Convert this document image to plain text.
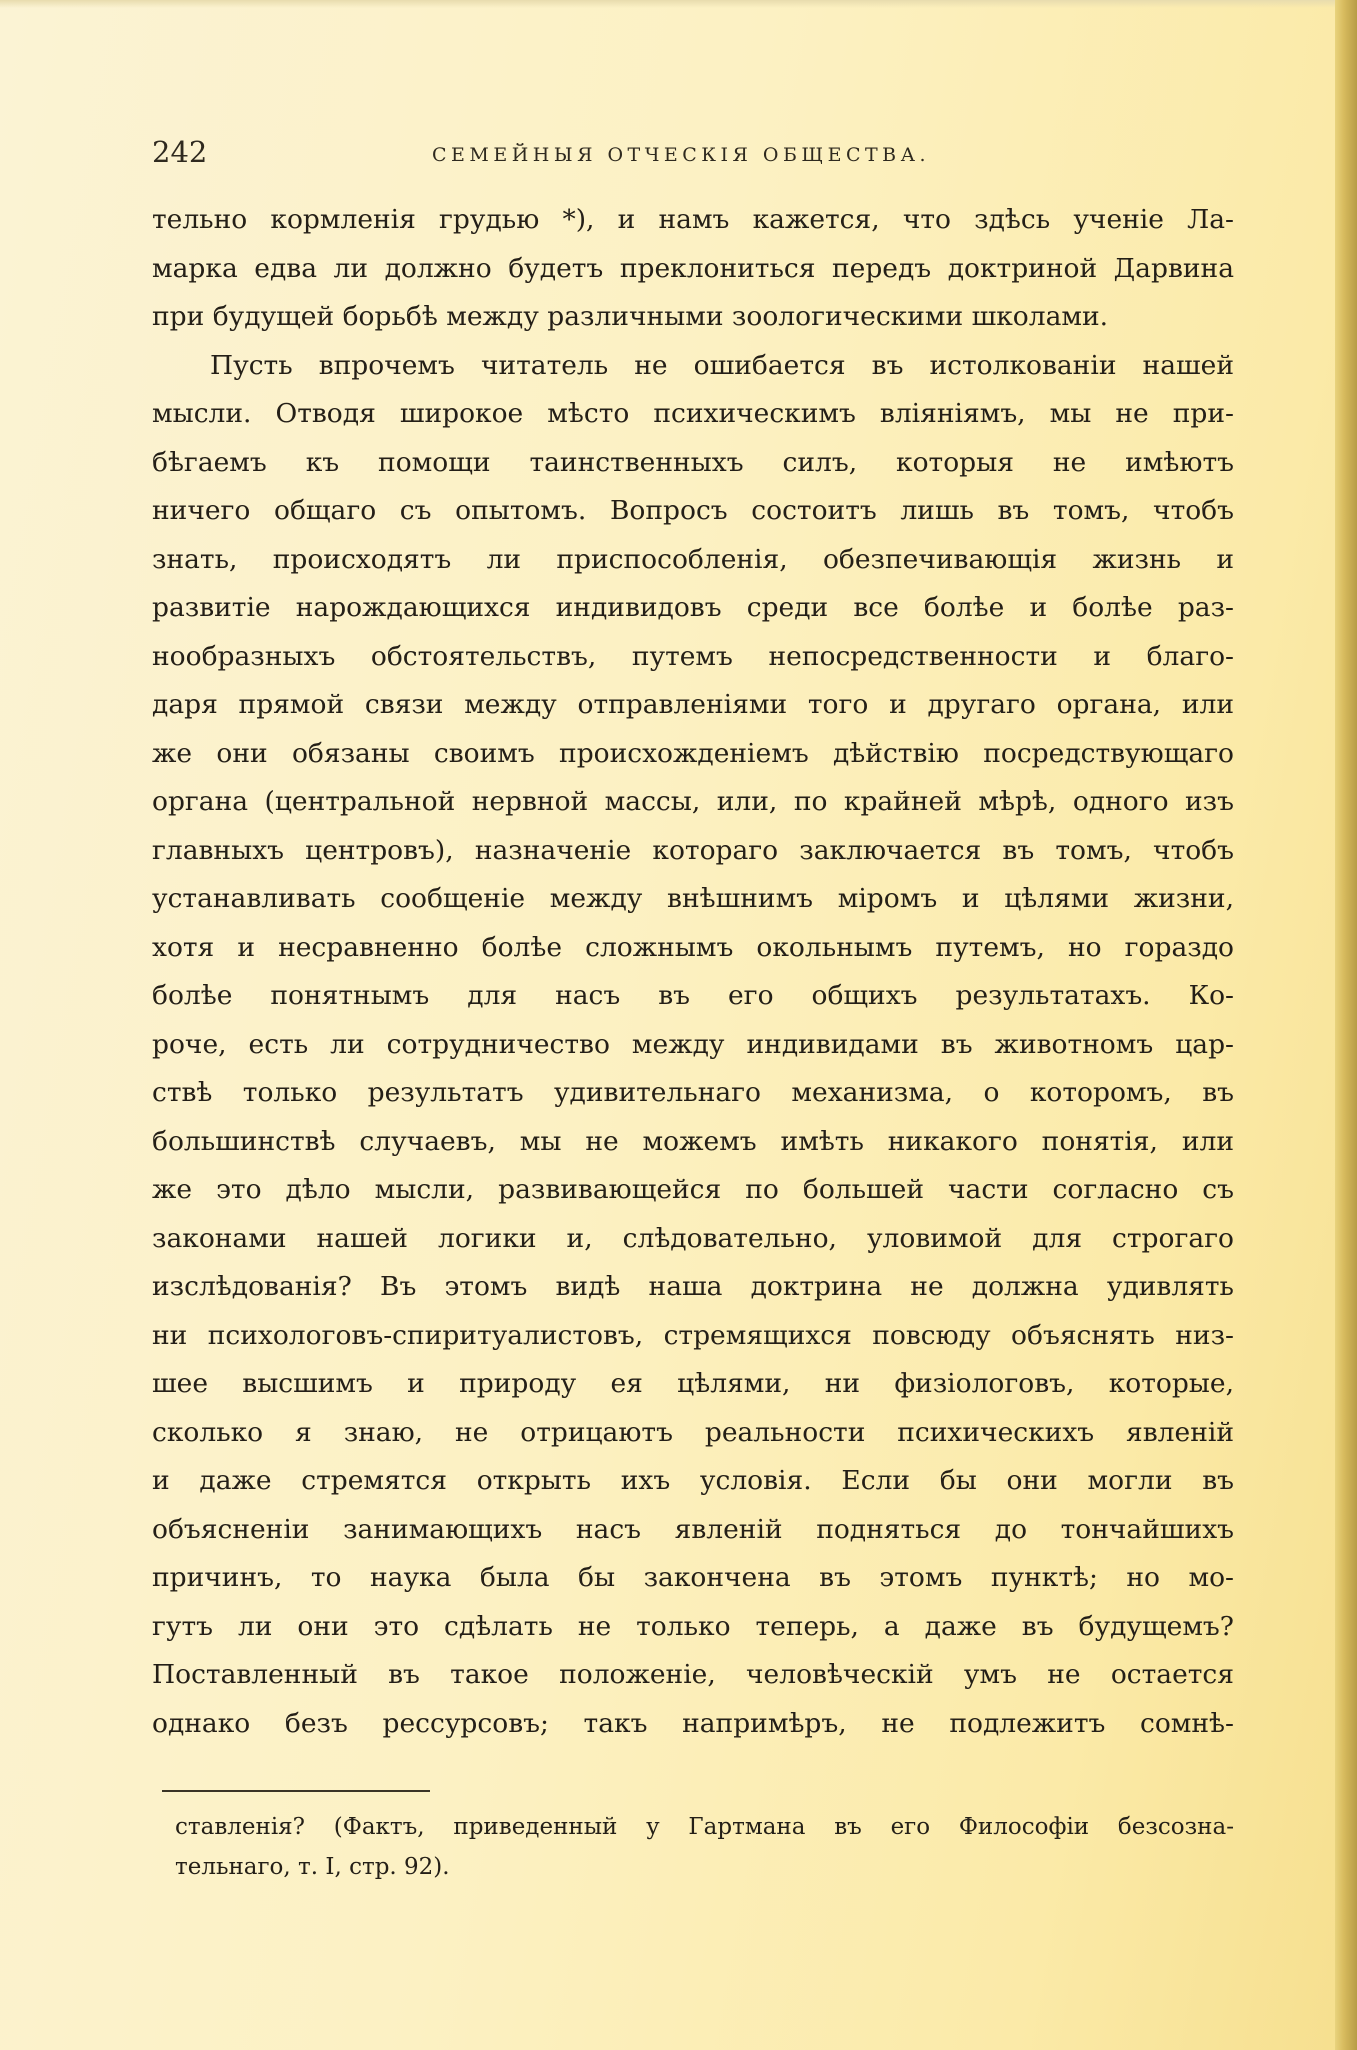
242	СЕМЕЙНЫЯ ОТЧЕСКІЯ ОБЩЕСТВА.
тельно кормленія грудью *), и намъ кажется, что здѣсь ученіе Ла-
марка едва ли должно будетъ преклониться передъ доктриной Дарвина
при будущей борьбѣ между различными зоологическими школами.
Пусть впрочемъ читатель не ошибается въ истолкованіи нашей
мысли. Отводя широкое мѣсто психическимъ вліяніямъ, мы не при-
бѣгаемъ къ помощи таинственныхъ силъ, которыя не имѣютъ
ничего общаго съ опытомъ. Вопросъ состоитъ лишь въ томъ, чтобъ
знать, происходятъ ли приспособленія, обезпечивающія жизнь и
развитіе нарождающихся индивидовъ среди все болѣе и болѣе раз-
нообразныхъ обстоятельствъ, путемъ непосредственности и благо-
даря прямой связи между отправленіями того и другаго органа, или
же они обязаны своимъ происхожденіемъ дѣйствію посредствующаго
органа (центральной нервной массы, или, по крайней мѣрѣ, одного изъ
главныхъ центровъ), назначеніе котораго заключается въ томъ, чтобъ
устанавливать сообщеніе между внѣшнимъ міромъ и цѣлями жизни,
хотя и несравненно болѣе сложнымъ окольнымъ путемъ, но гораздо
болѣе понятнымъ для насъ въ его общихъ результатахъ. Ко-
роче, есть ли сотрудничество между индивидами въ животномъ цар-
ствѣ только результатъ удивительнаго механизма, о которомъ, въ
большинствѣ случаевъ, мы не можемъ имѣть никакого понятія, или
же это дѣло мысли, развивающейся по большей части согласно съ
законами нашей логики и, слѣдовательно, уловимой для строгаго
изслѣдованія? Въ этомъ видѣ наша доктрина не должна удивлять
ни психологовъ-спиритуалистовъ, стремящихся повсюду объяснять низ-
шее высшимъ и природу ея цѣлями, ни физіологовъ, которые,
сколько я знаю, не отрицаютъ реальности психическихъ явленій
и даже стремятся открыть ихъ условія. Если бы они могли въ
объясненіи занимающихъ насъ явленій подняться до тончайшихъ
причинъ, то наука была бы закончена въ этомъ пунктѣ; но мо-
гутъ ли они это сдѣлать не только теперь, а даже въ будущемъ?
Поставленный въ такое положеніе, человѣческій умъ не остается
однако безъ рессурсовъ; такъ напримѣръ, не подлежитъ сомнѣ-
ставленія? (Фактъ, приведенный у Гартмана въ его Философіи безсозна-
тельнаго, т. I, стр. 92).
